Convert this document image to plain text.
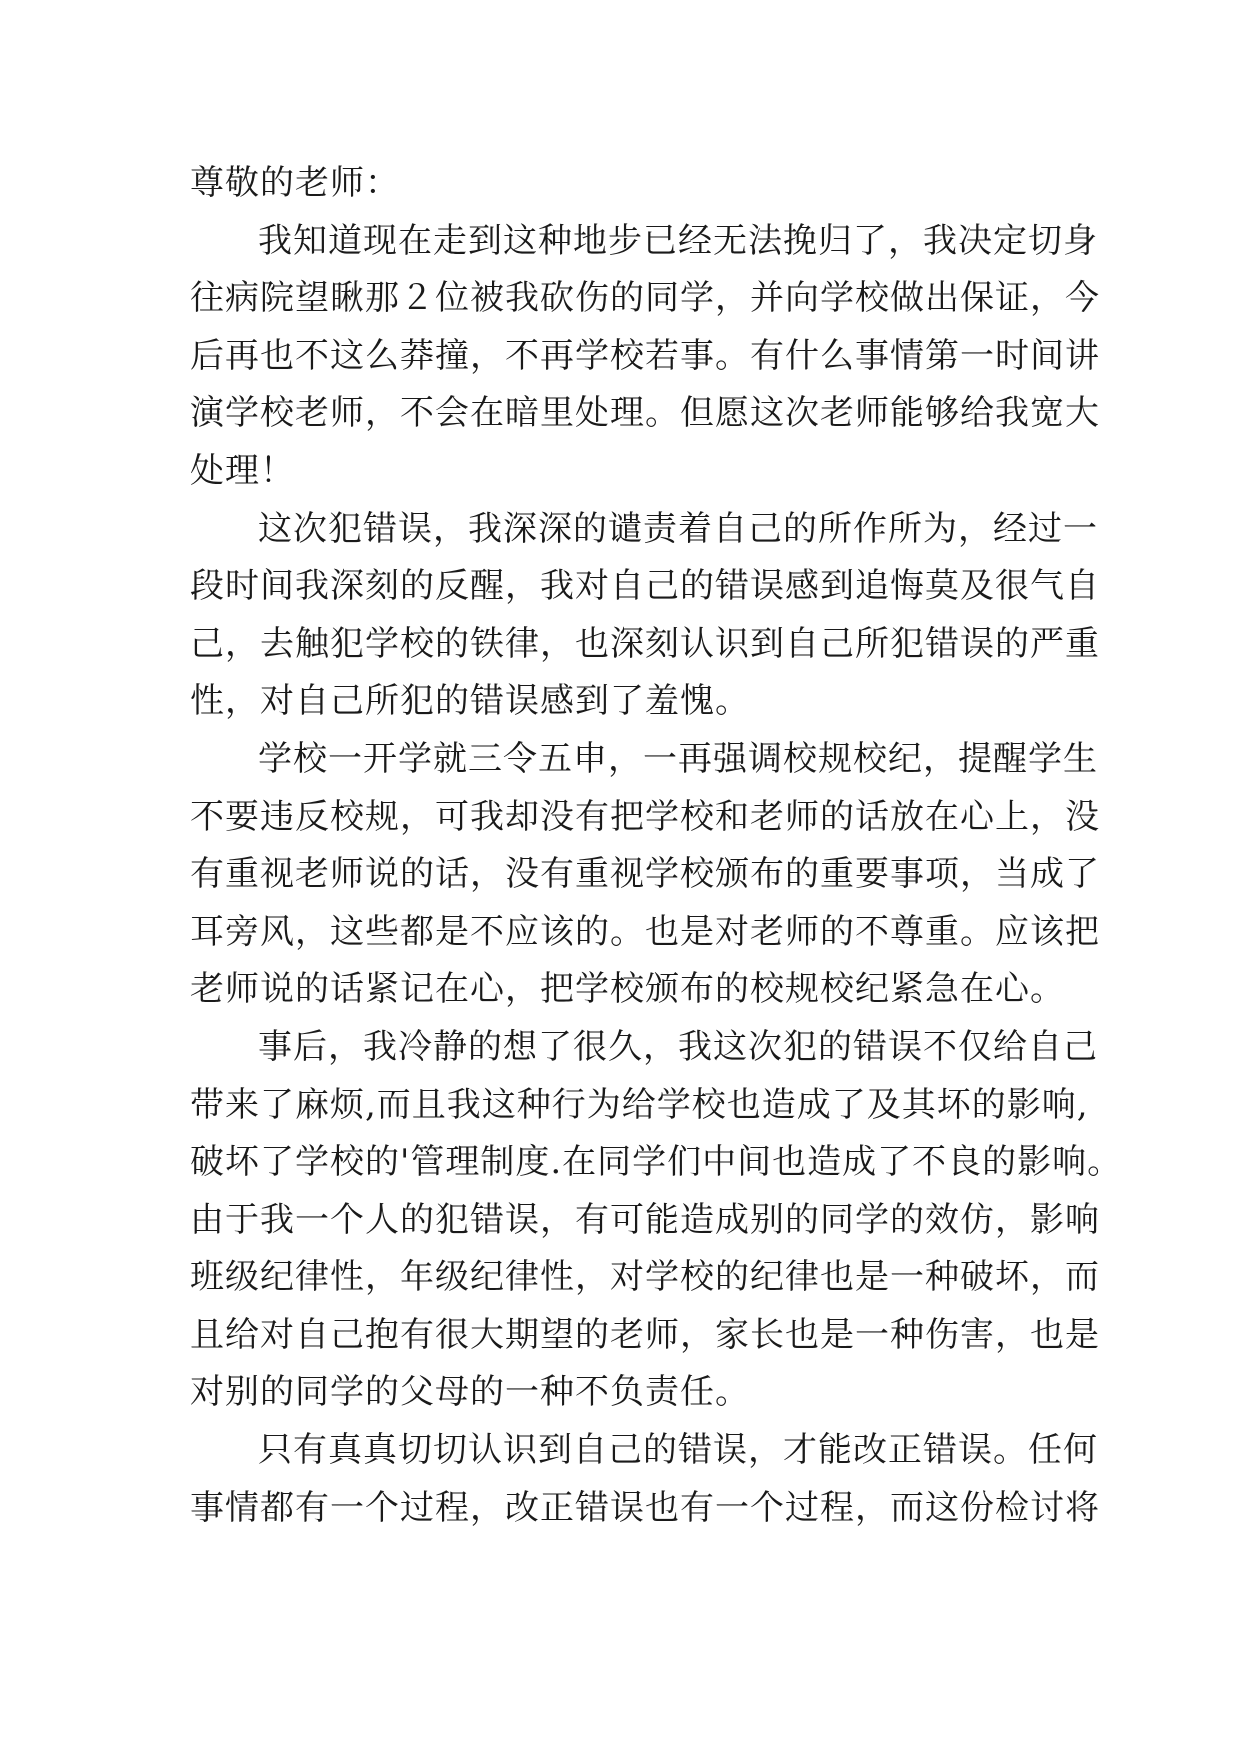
尊敬的老师：
我知道现在走到这种地步已经无法挽归了，我决定切身
往病院望瞅那２位被我砍伤的同学，并向学校做出保证，今
后再也不这么莽撞，不再学校若事。有什么事情第一时间讲
演学校老师，不会在暗里处理。但愿这次老师能够给我宽大
处理！
这次犯错误，我深深的谴责着自己的所作所为，经过一
段时间我深刻的反醒，我对自己的错误感到追悔莫及很气自
己，去触犯学校的铁律，也深刻认识到自己所犯错误的严重
性，对自己所犯的错误感到了羞愧。
学校一开学就三令五申，一再强调校规校纪，提醒学生
不要违反校规，可我却没有把学校和老师的话放在心上，没
有重视老师说的话，没有重视学校颁布的重要事项，当成了
耳旁风，这些都是不应该的。也是对老师的不尊重。应该把
老师说的话紧记在心，把学校颁布的校规校纪紧急在心。
事后，我冷静的想了很久，我这次犯的错误不仅给自己
带来了麻烦,而且我这种行为给学校也造成了及其坏的影响,
破坏了学校的'管理制度.在同学们中间也造成了不良的影响。
由于我一个人的犯错误，有可能造成别的同学的效仿，影响
班级纪律性，年级纪律性，对学校的纪律也是一种破坏，而
且给对自己抱有很大期望的老师，家长也是一种伤害，也是
对别的同学的父母的一种不负责任。
只有真真切切认识到自己的错误，才能改正错误。任何
事情都有一个过程，改正错误也有一个过程，而这份检讨将
